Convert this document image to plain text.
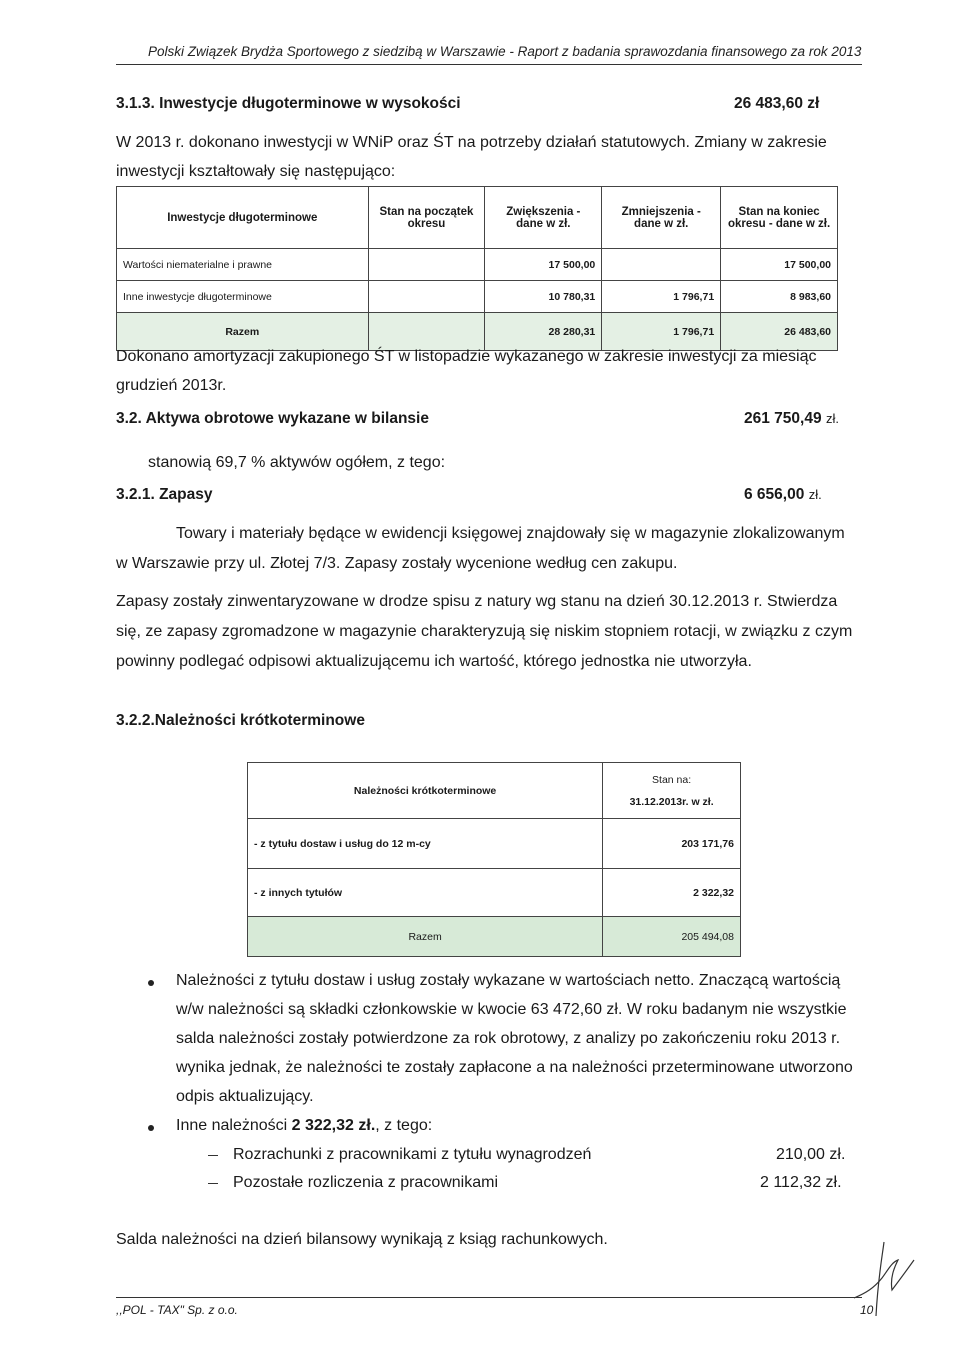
Polski Związek Brydża Sportowego z siedzibą w Warszawie - Raport z badania sprawozdania finansowego za rok 2013
3.1.3. Inwestycje długoterminowe w wysokości	26 483,60 zł
W 2013 r. dokonano inwestycji w WNiP oraz ŚT na potrzeby działań statutowych. Zmiany w zakresie
inwestycji kształtowały się następująco:
Inwestycje długoterminowe	Stan na początek okresu	Zwiększenia - dane w zł.	Zmniejszenia - dane w zł.	Stan na koniec okresu - dane w zł.
Wartości niematerialne i prawne		17 500,00		17 500,00
Inne inwestycje długoterminowe		10 780,31	1 796,71	8 983,60
Razem		28 280,31	1 796,71	26 483,60
Dokonano amortyzacji zakupionego ŚT w listopadzie wykazanego w zakresie inwestycji za miesiąc
grudzień 2013r.
3.2. Aktywa obrotowe wykazane w bilansie	261 750,49 zł.
stanowią 69,7 % aktywów ogółem, z tego:
3.2.1. Zapasy	6 656,00 zł.
Towary i materiały będące w ewidencji księgowej znajdowały się w magazynie zlokalizowanym
w Warszawie przy ul. Złotej 7/3. Zapasy zostały wycenione według cen zakupu.
Zapasy zostały zinwentaryzowane w drodze spisu z natury wg stanu na dzień 30.12.2013 r. Stwierdza
się, ze zapasy zgromadzone w magazynie charakteryzują się niskim stopniem rotacji, w związku z czym
powinny podlegać odpisowi aktualizującemu ich wartość, którego jednostka nie utworzyła.
3.2.2.Należności krótkoterminowe
Należności krótkoterminowe	Stan na:
31.12.2013r. w zł.

- z tytułu dostaw i usług do 12 m-cy	203 171,76
- z innych tytułów	2 322,32
Razem	205 494,08
Należności z tytułu dostaw i usług zostały wykazane w wartościach netto. Znaczącą wartością
w/w należności są składki członkowskie w kwocie 63 472,60 zł. W roku badanym nie wszystkie
salda należności zostały potwierdzone za rok obrotowy, z analizy po zakończeniu roku 2013 r.
wynika jednak, że należności te zostały zapłacone a na należności przeterminowane utworzono
odpis aktualizujący.
Inne należności 2 322,32 zł., z tego:
Rozrachunki z pracownikami z tytułu wynagrodzeń	210,00 zł.
Pozostałe rozliczenia z pracownikami	2 112,32 zł.
Salda należności na dzień bilansowy wynikają z ksiąg rachunkowych.
,,POL - TAX" Sp. z o.o.	10
